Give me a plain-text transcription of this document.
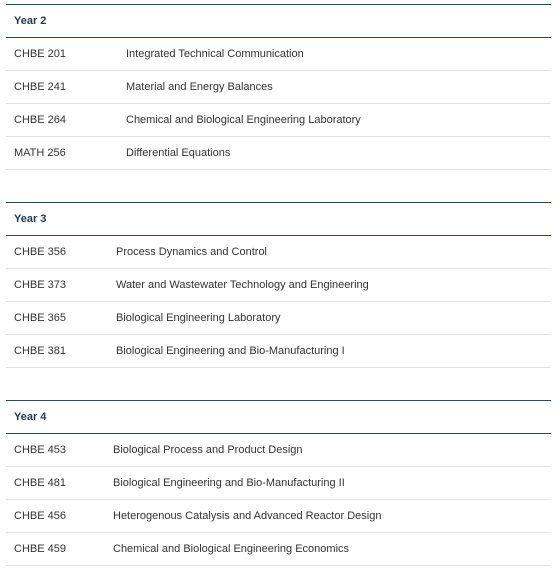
Year 2	
CHBE 201	Integrated Technical Communication
CHBE 241	Material and Energy Balances
CHBE 264	Chemical and Biological Engineering Laboratory
MATH 256	Differential Equations
Year 3	
CHBE 356	Process Dynamics and Control
CHBE 373	Water and Wastewater Technology and Engineering
CHBE 365	Biological Engineering Laboratory
CHBE 381	Biological Engineering and Bio-Manufacturing I
Year 4	
CHBE 453	Biological Process and Product Design
CHBE 481	Biological Engineering and Bio-Manufacturing II
CHBE 456	Heterogenous Catalysis and Advanced Reactor Design
CHBE 459	Chemical and Biological Engineering Economics
